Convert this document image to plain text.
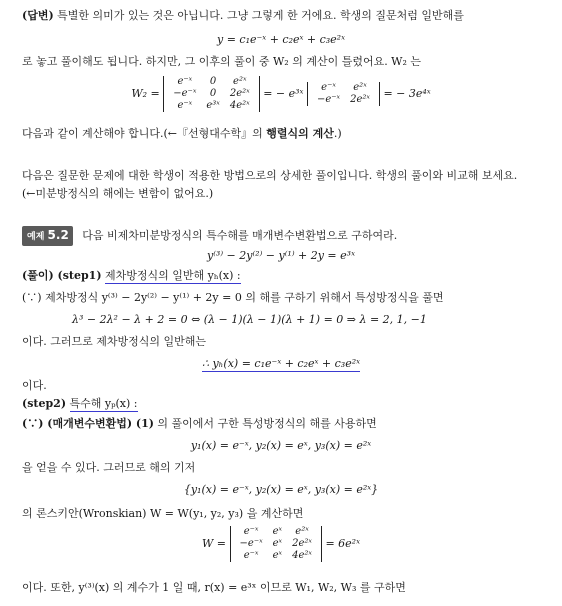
(답변) 특별한 의미가 있는 것은 아닙니다. 그냥 그렇게 한 거에요. 학생의 질문처럼 일반해를
y = c₁e⁻ˣ + c₂eˣ + c₃e²ˣ
로 놓고 풀이해도 됩니다. 하지만, 그 이후의 풀이 중 W₂ 의 계산이 틀렸어요. W₂ 는
W₂ =
e⁻ˣ	0	e²ˣ
−e⁻ˣ	0	2e²ˣ
e⁻ˣ	e³ˣ	4e²ˣ
= − e³ˣ e⁻ˣ	e²ˣ
−e⁻ˣ	2e²ˣ = − 3e⁴ˣ
다음과 같이 계산해야 합니다.(←『선형대수학』의 행렬식의 계산.)
다음은 질문한 문제에 대한 학생이 적용한 방법으로의 상세한 풀이입니다. 학생의 풀이와 비교해 보세요.
(←미분방정식의 해에는 변함이 없어요.)
예제 5.2 다음 비제차미분방정식의 특수해를 매개변수변환법으로 구하여라.
y⁽³⁾ − 2y⁽²⁾ − y⁽¹⁾ + 2y = e³ˣ
(풀이) (step1) 제차방정식의 일반해 yₕ(x) :
(∵) 제차방정식 y⁽³⁾ − 2y⁽²⁾ − y⁽¹⁾ + 2y = 0 의 해를 구하기 위해서 특성방정식을 풀면
λ³ − 2λ² − λ + 2 = 0 ⇔ (λ − 1)(λ − 1)(λ + 1) = 0 ⇒ λ = 2, 1, −1
이다. 그러므로 제차방정식의 일반해는
∴ yₕ(x) = c₁e⁻ˣ + c₂eˣ + c₃e²ˣ
이다.
(step2) 특수해 yₚ(x) :
(∵) (매개변수변환법) (1) 의 풀이에서 구한 특성방정식의 해를 사용하면
y₁(x) = e⁻ˣ, y₂(x) = eˣ, y₃(x) = e²ˣ
을 얻을 수 있다. 그러므로 해의 기저
{y₁(x) = e⁻ˣ, y₂(x) = eˣ, y₃(x) = e²ˣ}
의 론스키안(Wronskian) W = W(y₁, y₂, y₃) 을 계산하면
W =
e⁻ˣ	eˣ	e²ˣ
−e⁻ˣ	eˣ	2e²ˣ
e⁻ˣ	eˣ	4e²ˣ
= 6e²ˣ
이다. 또한, y⁽³⁾(x) 의 계수가 1 일 때, r(x) = e³ˣ 이므로 W₁, W₂, W₃ 를 구하면
